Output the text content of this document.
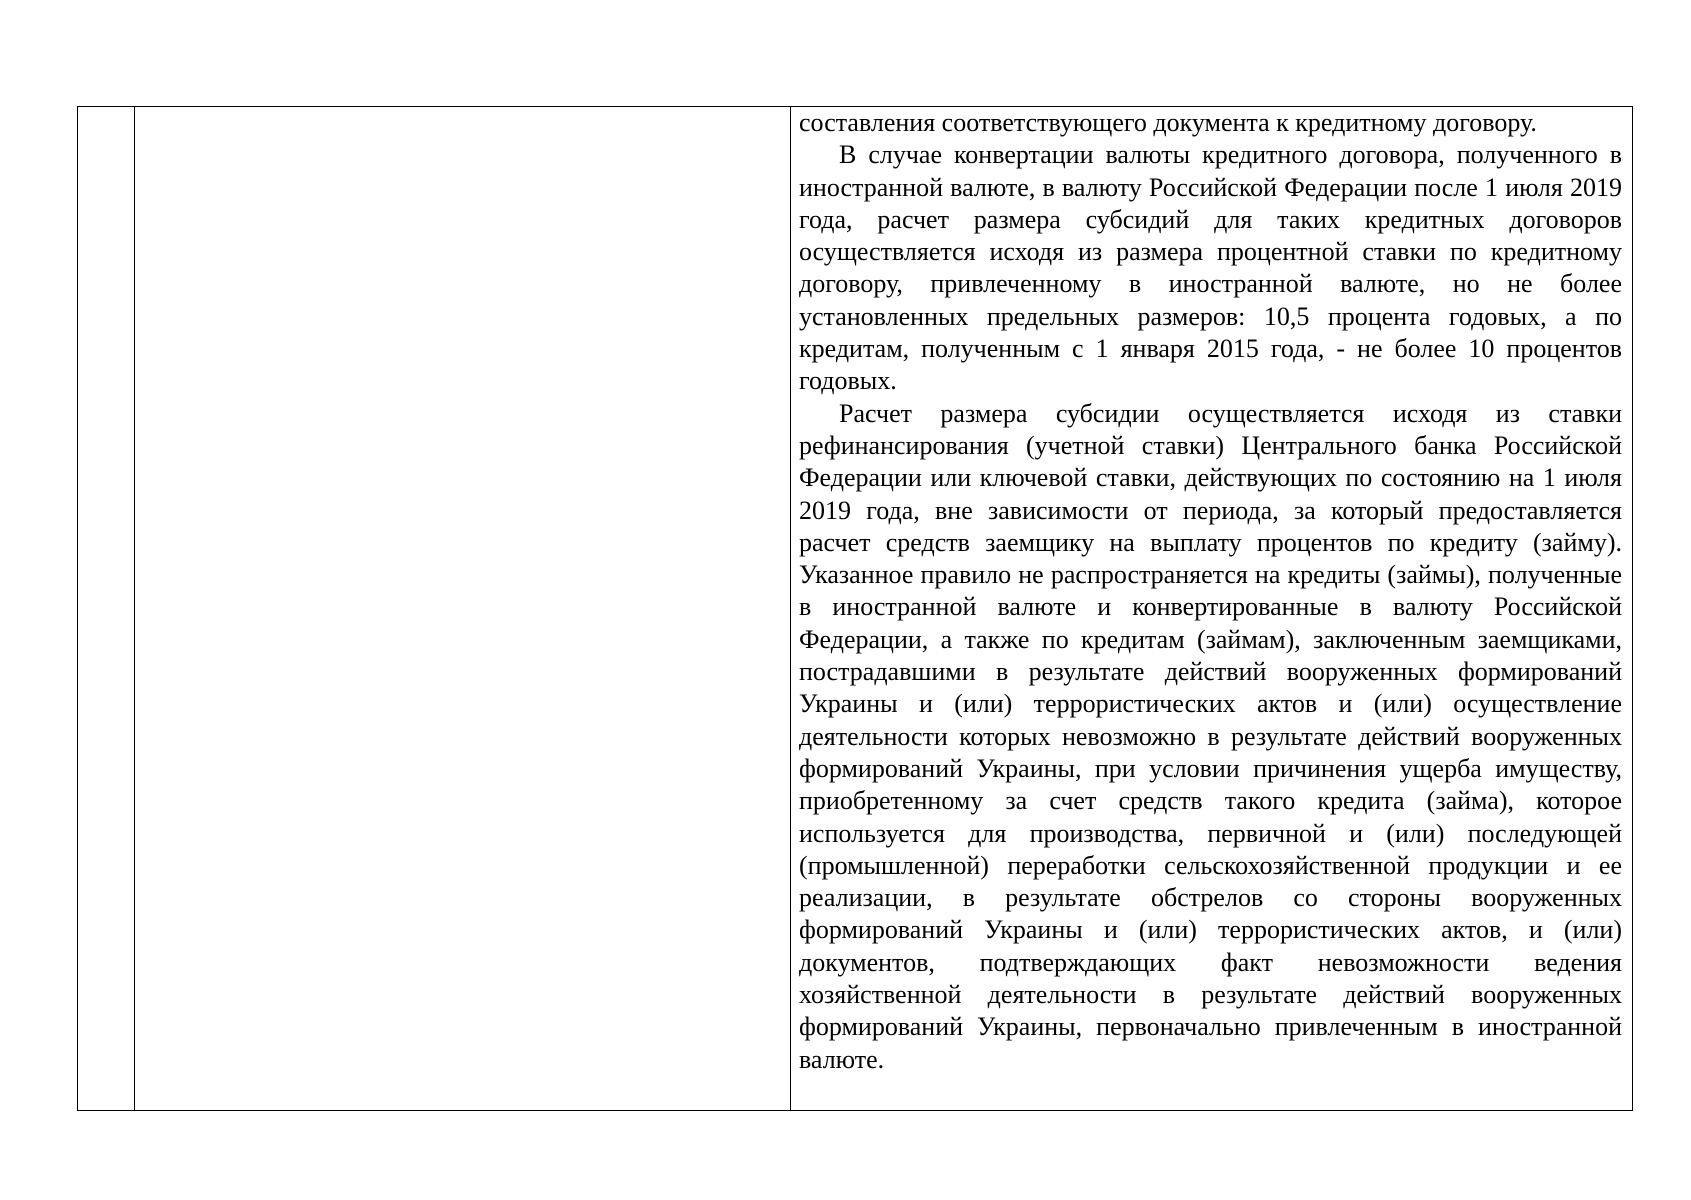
составления соответствующего документа к кредитному договору.

В случае конвертации валюты кредитного договора, полученного в иностранной валюте, в валюту Российской Федерации после 1 июля 2019 года, расчет размера субсидий для таких кредитных договоров осуществляется исходя из размера процентной ставки по кредитному договору, привлеченному в иностранной валюте, но не более установленных предельных размеров: 10,5 процента годовых, а по кредитам, полученным с 1 января 2015 года, - не более 10 процентов годовых.

Расчет размера субсидии осуществляется исходя из ставки рефинансирования (учетной ставки) Центрального банка Российской Федерации или ключевой ставки, действующих по состоянию на 1 июля 2019 года, вне зависимости от периода, за который предоставляется расчет средств заемщику на выплату процентов по кредиту (займу). Указанное правило не распространяется на кредиты (займы), полученные в иностранной валюте и конвертированные в валюту Российской Федерации, а также по кредитам (займам), заключенным заемщиками, пострадавшими в результате действий вооруженных формирований Украины и (или) террористических актов и (или) осуществление деятельности которых невозможно в результате действий вооруженных формирований Украины, при условии причинения ущерба имуществу, приобретенному за счет средств такого кредита (займа), которое используется для производства, первичной и (или) последующей (промышленной) переработки сельскохозяйственной продукции и ее реализации, в результате обстрелов со стороны вооруженных формирований Украины и (или) террористических актов, и (или) документов, подтверждающих факт невозможности ведения хозяйственной деятельности в результате действий вооруженных формирований Украины, первоначально привлеченным в иностранной валюте.
